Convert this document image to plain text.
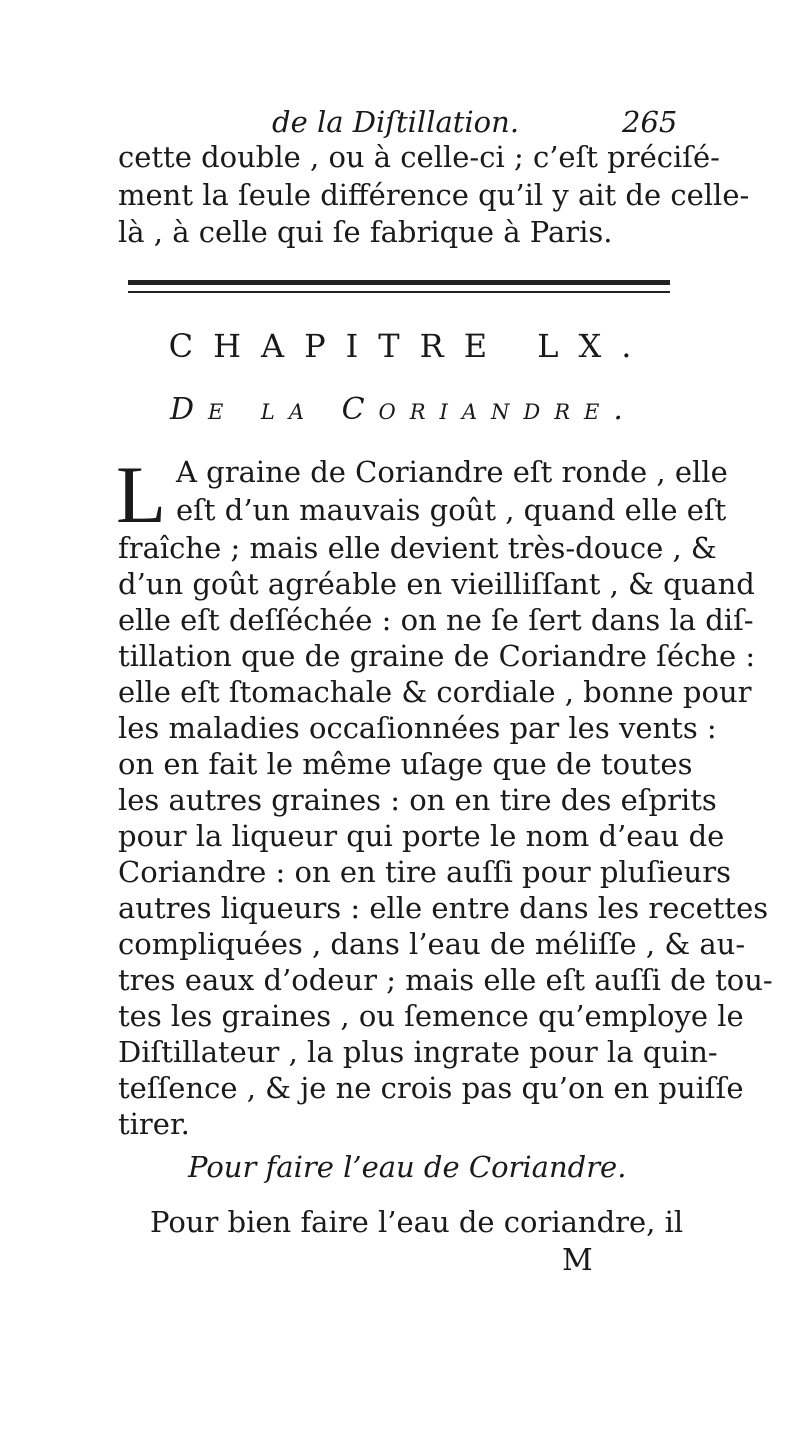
de la Diſtillation.	265
cette double , ou à celle-ci ; c’eſt préciſé-
ment la ſeule différence qu’il y ait de celle-
là , à celle qui ſe fabrique à Paris.
CHAPITRE LX.
De la Coriandre.
L A graine de Coriandre eſt ronde , elle
eſt d’un mauvais goût , quand elle eſt
fraîche ; mais elle devient très-douce , &
d’un goût agréable en vieilliſſant , & quand
elle eſt deſſéchée : on ne ſe ſert dans la diſ-
tillation que de graine de Coriandre ſéche :
elle eſt ſtomachale & cordiale , bonne pour
les maladies occaſionnées par les vents :
on en fait le même uſage que de toutes
les autres graines : on en tire des eſprits
pour la liqueur qui porte le nom d’eau de
Coriandre : on en tire auſſi pour pluſieurs
autres liqueurs : elle entre dans les recettes
compliquées , dans l’eau de méliſſe , & au-
tres eaux d’odeur ; mais elle eſt auſſi de tou-
tes les graines , ou ſemence qu’employe le
Diſtillateur , la plus ingrate pour la quin-
teſſence , & je ne crois pas qu’on en puiſſe
tirer.
Pour faire l’eau de Coriandre.
Pour bien faire l’eau de coriandre, il
M
